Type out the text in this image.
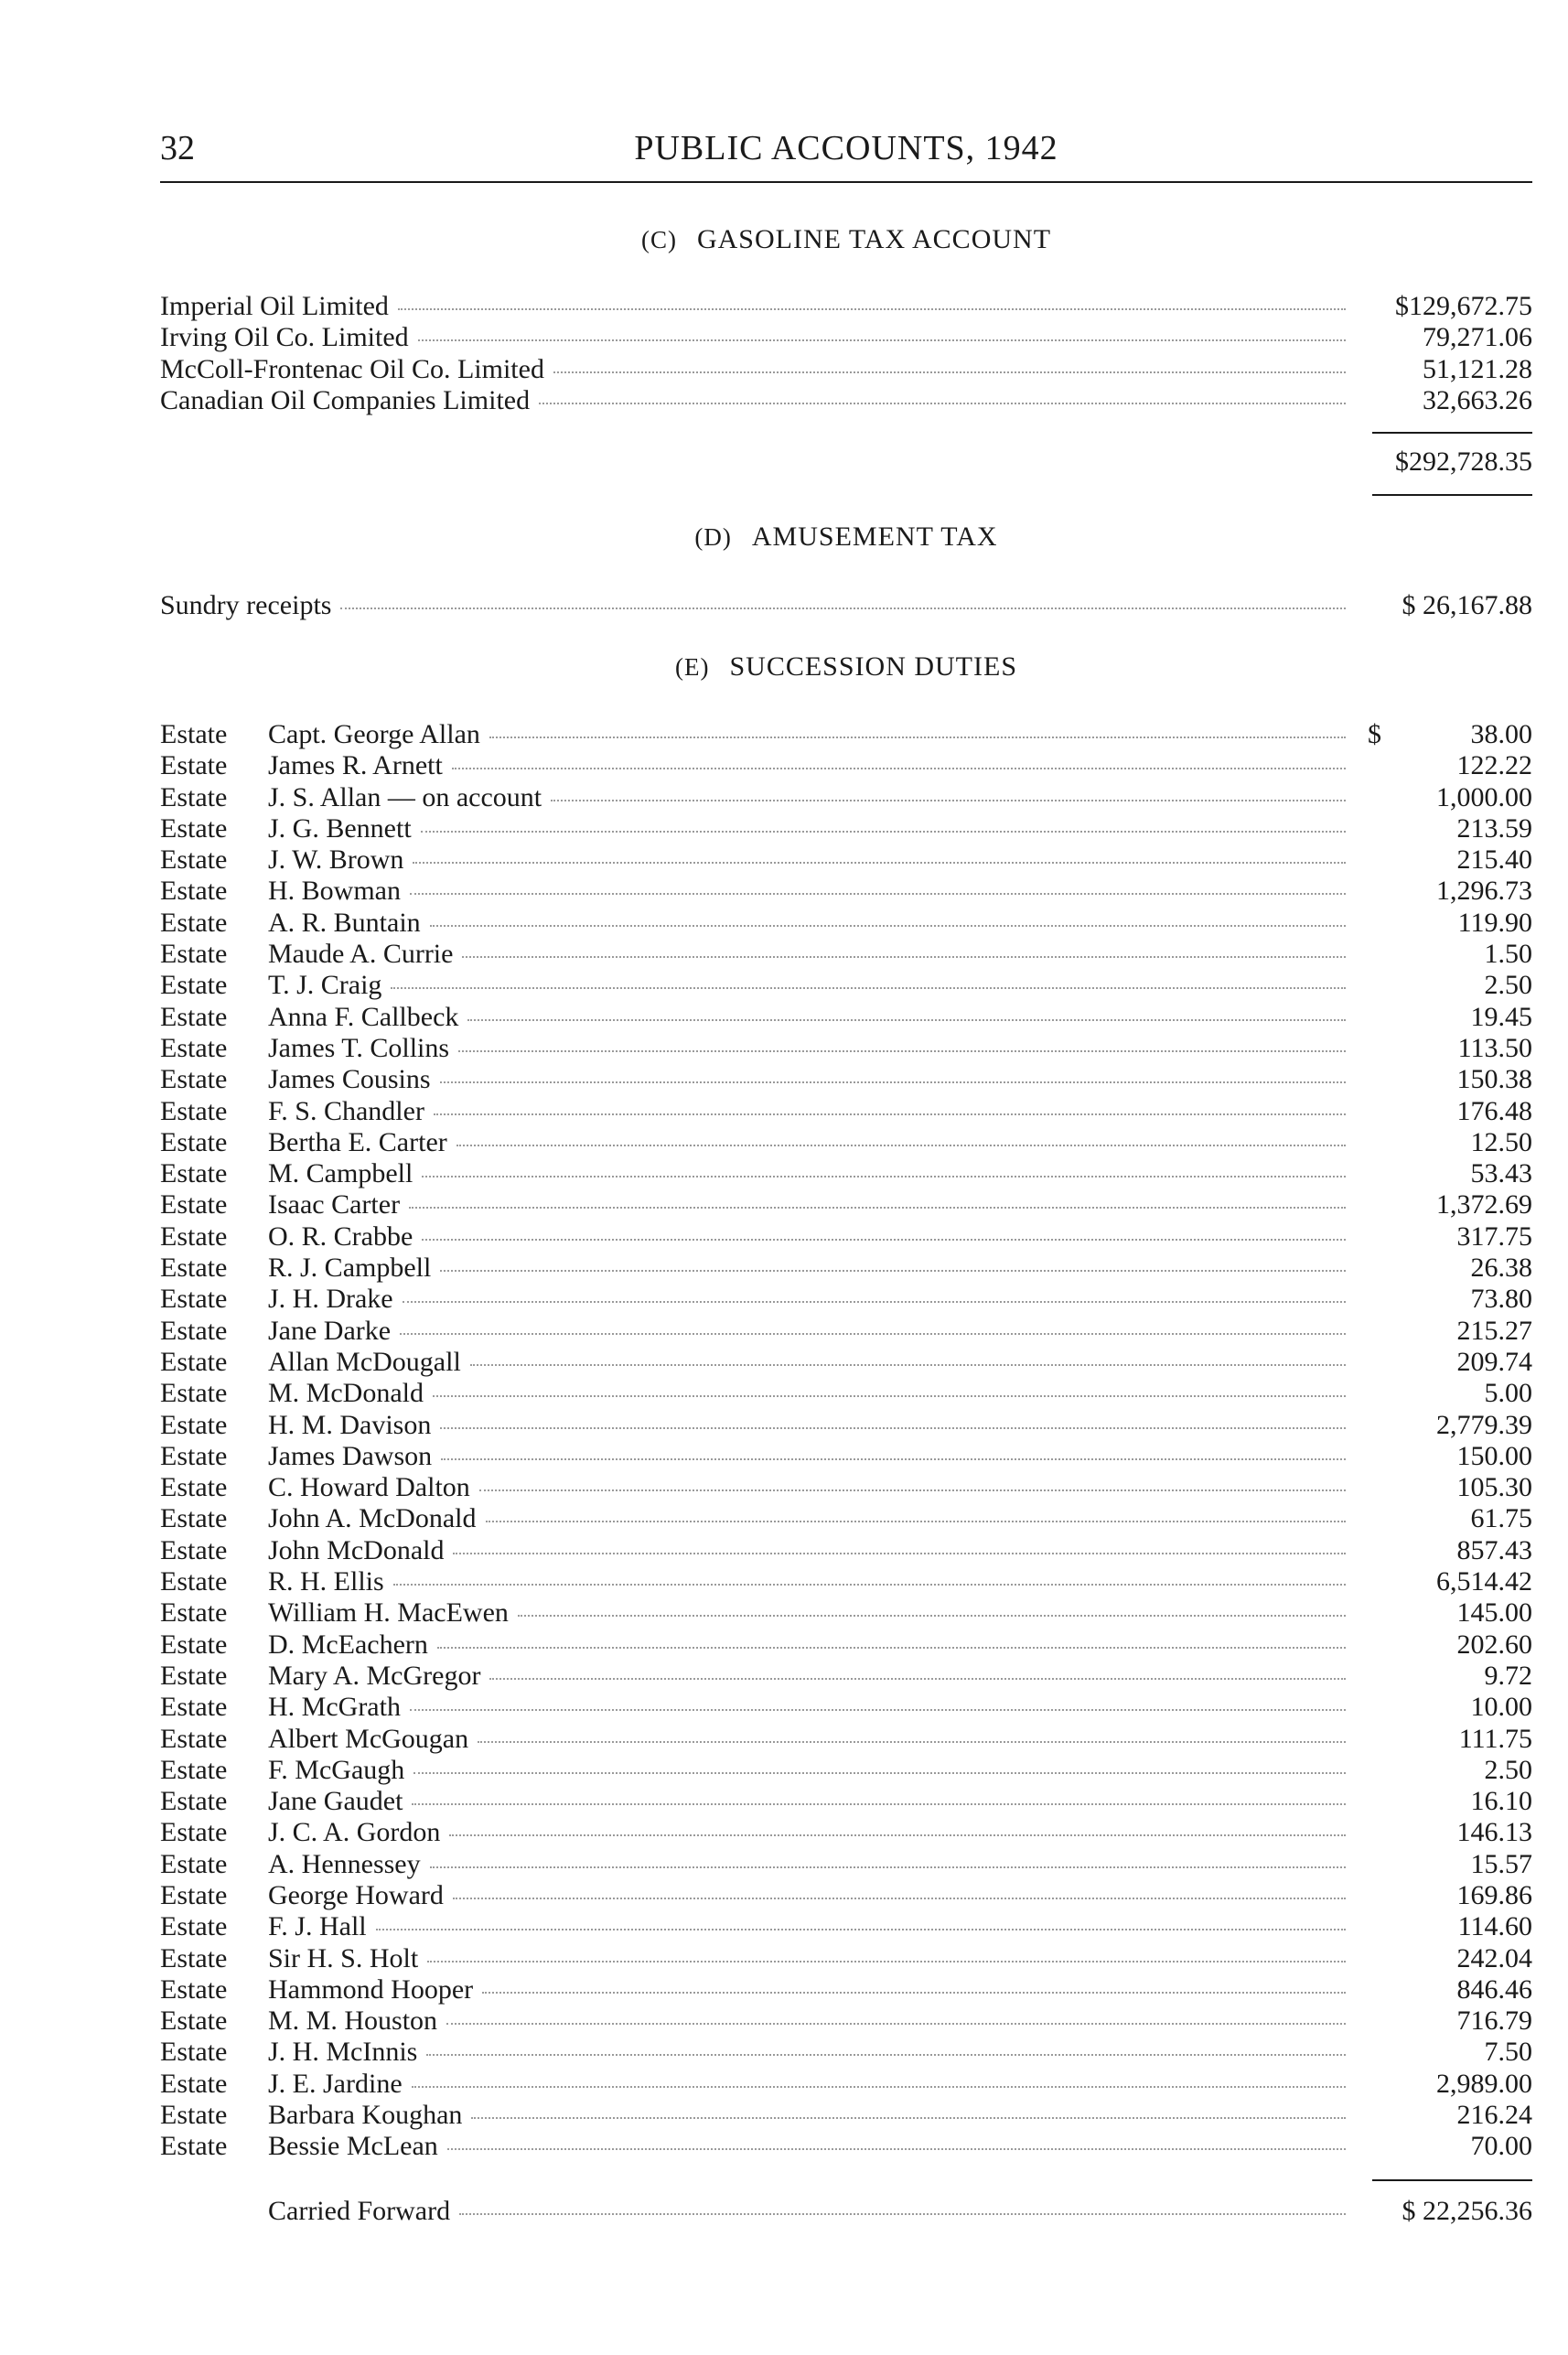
32	PUBLIC ACCOUNTS, 1942
(C) GASOLINE TAX ACCOUNT
Imperial Oil Limited	$129,672.75
Irving Oil Co. Limited	79,271.06
McColl-Frontenac Oil Co. Limited	51,121.28
Canadian Oil Companies Limited	32,663.26
$292,728.35
(D) AMUSEMENT TAX
Sundry receipts	$ 26,167.88
(E) SUCCESSION DUTIES
Estate	Capt. George Allan	$	38.00
Estate	James R. Arnett	122.22
Estate	J. S. Allan — on account	1,000.00
Estate	J. G. Bennett	213.59
Estate	J. W. Brown	215.40
Estate	H. Bowman	1,296.73
Estate	A. R. Buntain	119.90
Estate	Maude A. Currie	1.50
Estate	T. J. Craig	2.50
Estate	Anna F. Callbeck	19.45
Estate	James T. Collins	113.50
Estate	James Cousins	150.38
Estate	F. S. Chandler	176.48
Estate	Bertha E. Carter	12.50
Estate	M. Campbell	53.43
Estate	Isaac Carter	1,372.69
Estate	O. R. Crabbe	317.75
Estate	R. J. Campbell	26.38
Estate	J. H. Drake	73.80
Estate	Jane Darke	215.27
Estate	Allan McDougall	209.74
Estate	M. McDonald	5.00
Estate	H. M. Davison	2,779.39
Estate	James Dawson	150.00
Estate	C. Howard Dalton	105.30
Estate	John A. McDonald	61.75
Estate	John McDonald	857.43
Estate	R. H. Ellis	6,514.42
Estate	William H. MacEwen	145.00
Estate	D. McEachern	202.60
Estate	Mary A. McGregor	9.72
Estate	H. McGrath	10.00
Estate	Albert McGougan	111.75
Estate	F. McGaugh	2.50
Estate	Jane Gaudet	16.10
Estate	J. C. A. Gordon	146.13
Estate	A. Hennessey	15.57
Estate	George Howard	169.86
Estate	F. J. Hall	114.60
Estate	Sir H. S. Holt	242.04
Estate	Hammond Hooper	846.46
Estate	M. M. Houston	716.79
Estate	J. H. McInnis	7.50
Estate	J. E. Jardine	2,989.00
Estate	Barbara Koughan	216.24
Estate	Bessie McLean	70.00
Carried Forward	$ 22,256.36
